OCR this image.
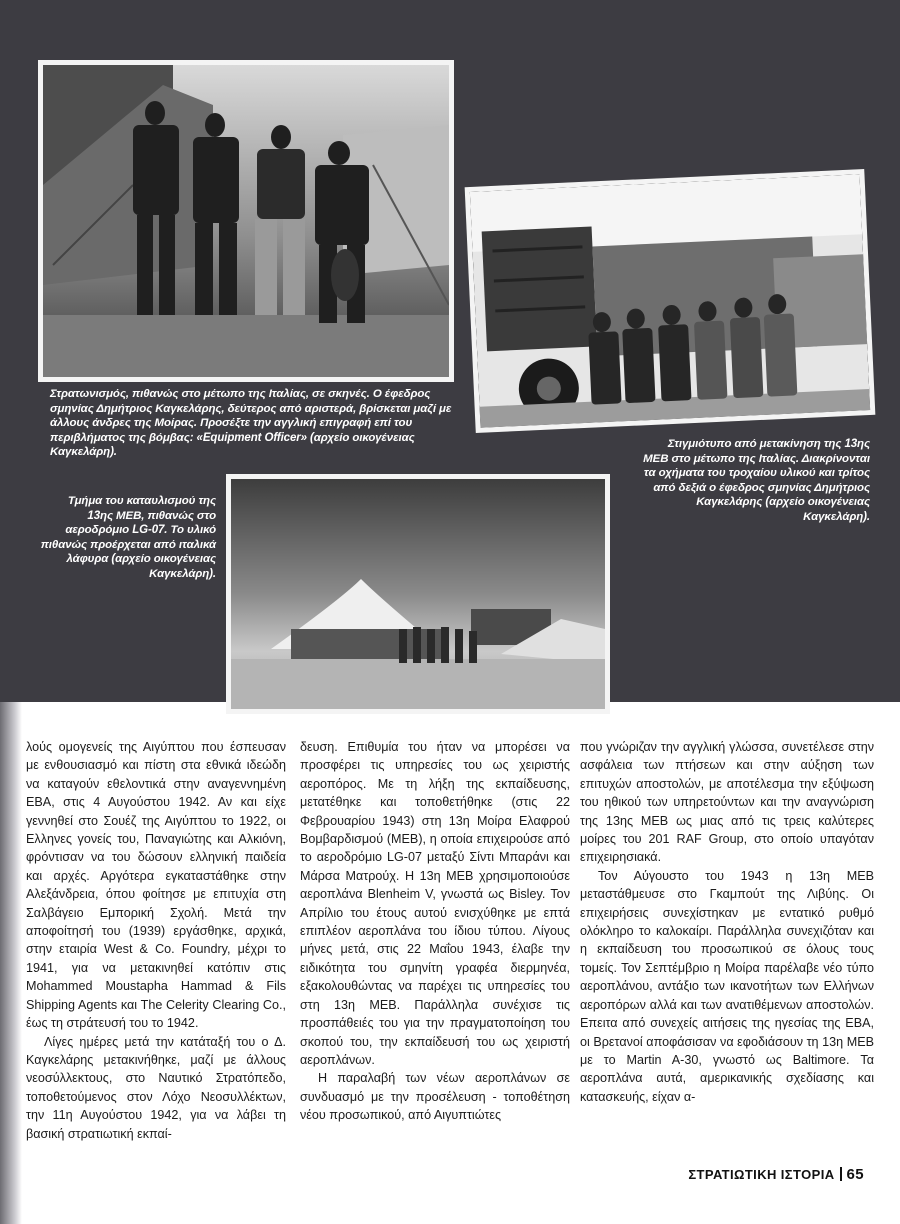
Στρατωνισμός, πιθανώς στο μέτωπο της Ιταλίας, σε σκηνές. Ο έφεδρος σμηνίας Δημήτριος Καγκελάρης, δεύτερος από αριστερά, βρίσκεται μαζί με άλλους άνδρες της Μοίρας. Προσέξτε την αγγλική επιγραφή επί του περιβλήματος της βόμβας: «Equipment Officer» (αρχείο οικογένειας Καγκελάρη).
Στιγμιότυπο από μετακίνηση της 13ης ΜΕΒ στο μέτωπο της Ιταλίας. Διακρίνονται τα οχήματα του τροχαίου υλικού και τρίτος από δεξιά ο έφεδρος σμηνίας Δημήτριος Καγκελάρης (αρχείο οικογένειας Καγκελάρη).
Τμήμα του καταυλισμού της 13ης ΜΕΒ, πιθανώς στο αεροδρόμιο LG-07. Το υλικό πιθανώς προέρχεται από ιταλικά λάφυρα (αρχείο οικογένειας Καγκελάρη).

λούς ομογενείς της Αιγύπτου που έσπευσαν με ενθουσιασμό και πίστη στα εθνικά ιδεώδη να καταγούν εθελοντικά στην αναγεννημένη ΕΒΑ, στις 4 Αυγούστου 1942. Αν και είχε γεννηθεί στο Σουέζ της Αιγύπτου το 1922, οι Ελληνες γονείς του, Παναγιώτης και Αλκιόνη, φρόντισαν να του δώσουν ελληνική παιδεία και αρχές. Αργότερα εγκαταστάθηκε στην Αλεξάνδρεια, όπου φοίτησε με επιτυχία στη Σαλβάγειο Εμπορική Σχολή. Μετά την αποφοίτησή του (1939) εργάσθηκε, αρχικά, στην εταιρία West & Co. Foundry, μέχρι το 1941, για να μετακινηθεί κατόπιν στις Mohammed Moustapha Hammad & Fils Shipping Agents και The Celerity Clearing Co., έως τη στράτευσή του το 1942.

Λίγες ημέρες μετά την κατάταξή του ο Δ. Καγκελάρης μετακινήθηκε, μαζί με άλλους νεοσύλλεκτους, στο Ναυτικό Στρατόπεδο, τοποθετούμενος στον Λόχο Νεοσυλλέκτων, την 11η Αυγούστου 1942, για να λάβει τη βασική στρατιωτική εκπαί-

δευση. Επιθυμία του ήταν να μπορέσει να προσφέρει τις υπηρεσίες του ως χειριστής αεροπόρος. Με τη λήξη της εκπαίδευσης, μετατέθηκε και τοποθετήθηκε (στις 22 Φεβρουαρίου 1943) στη 13η Μοίρα Ελαφρού Βομβαρδισμού (ΜΕΒ), η οποία επιχειρούσε από το αεροδρόμιο LG-07 μεταξύ Σίντι Μπαράνι και Μάρσα Ματρούχ. Η 13η ΜΕΒ χρησιμοποιούσε αεροπλάνα Blenheim V, γνωστά ως Bisley. Τον Απρίλιο του έτους αυτού ενισχύθηκε με επτά επιπλέον αεροπλάνα του ίδιου τύπου. Λίγους μήνες μετά, στις 22 Μαΐου 1943, έλαβε την ειδικότητα του σμηνίτη γραφέα διερμηνέα, εξακολουθώντας να παρέχει τις υπηρεσίες του στη 13η ΜΕΒ. Παράλληλα συνέχισε τις προσπάθειές του για την πραγματοποίηση του σκοπού του, την εκπαίδευσή του ως χειριστή αεροπλάνων.

Η παραλαβή των νέων αεροπλάνων σε συνδυασμό με την προσέλευση - τοποθέτηση νέου προσωπικού, από Αιγυπτιώτες

που γνώριζαν την αγγλική γλώσσα, συνετέλεσε στην ασφάλεια των πτήσεων και στην αύξηση των επιτυχών αποστολών, με αποτέλεσμα την εξύψωση του ηθικού των υπηρετούντων και την αναγνώριση της 13ης ΜΕΒ ως μιας από τις τρεις καλύτερες μοίρες του 201 RAF Group, στο οποίο υπαγόταν επιχειρησιακά.

Τον Αύγουστο του 1943 η 13η ΜΕΒ μεταστάθμευσε στο Γκαμπούτ της Λιβύης. Οι επιχειρήσεις συνεχίστηκαν με εντατικό ρυθμό ολόκληρο το καλοκαίρι. Παράλληλα συνεχιζόταν και η εκπαίδευση του προσωπικού σε όλους τους τομείς. Τον Σεπτέμβριο η Μοίρα παρέλαβε νέο τύπο αεροπλάνου, αντάξιο των ικανοτήτων των Ελλήνων αεροπόρων αλλά και των ανατιθέμενων αποστολών. Επειτα από συνεχείς αιτήσεις της ηγεσίας της ΕΒΑ, οι Βρετανοί αποφάσισαν να εφοδιάσουν τη 13η ΜΕΒ με το Martin A-30, γνωστό ως Baltimore. Τα αεροπλάνα αυτά, αμερικανικής σχεδίασης και κατασκευής, είχαν α-

ΣΤΡΑΤΙΩΤΙΚΗ ΙΣΤΟΡΙΑ 65
